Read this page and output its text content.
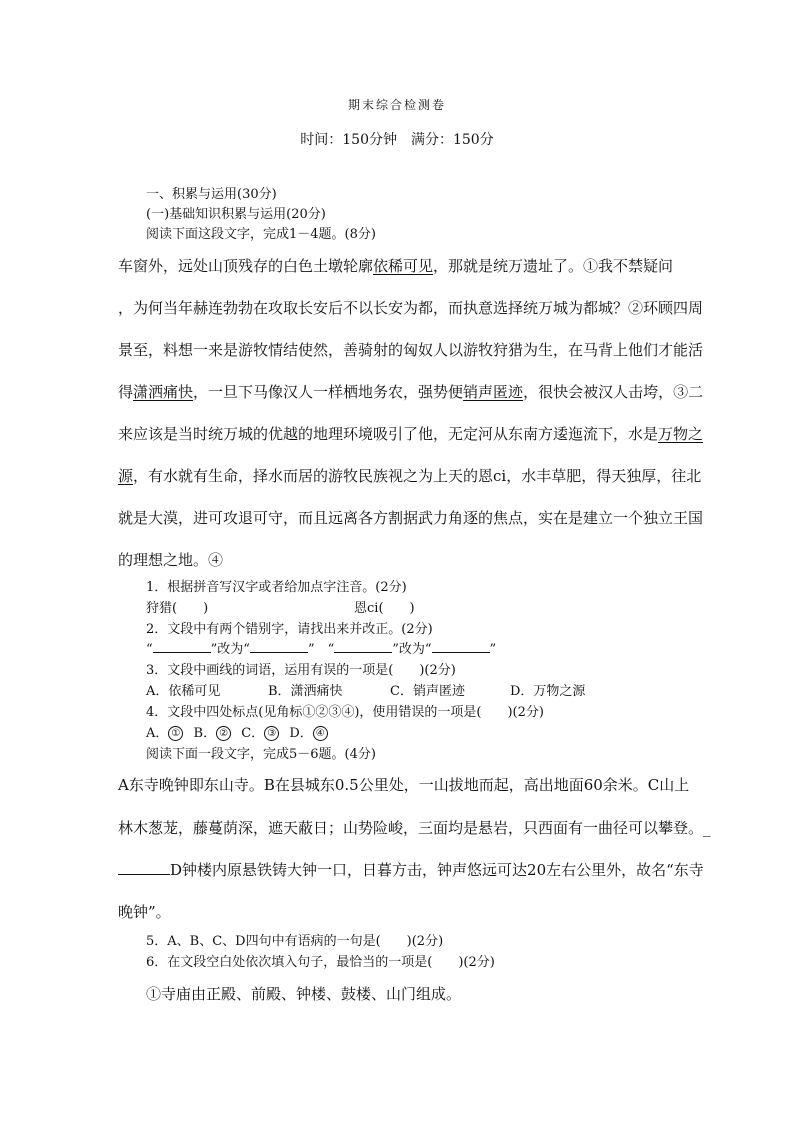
期末综合检测卷
时间：150分钟　满分：150分
一、积累与运用(30分)
(一)基础知识积累与运用(20分)
阅读下面这段文字，完成1－4题。(8分)
车窗外，远处山顶残存的白色土墩轮廓依稀可见，那就是统万遗址了。①我不禁疑问
，为何当年赫连勃勃在攻取长安后不以长安为都，而执意选择统万城为都城？②环顾四周
景至，料想一来是游牧情结使然，善骑射的匈奴人以游牧狩猎为生，在马背上他们才能活
得潇洒痛快，一旦下马像汉人一样栖地务农，强势便销声匿迹，很快会被汉人击垮，③二
来应该是当时统万城的优越的地理环境吸引了他，无定河从东南方逶迤流下，水是万物之
源，有水就有生命，择水而居的游牧民族视之为上天的恩ci，水丰草肥，得天独厚，往北
就是大漠，进可攻退可守，而且远离各方割据武力角逐的焦点，实在是建立一个独立王国
的理想之地。④
1．根据拼音写汉字或者给加点字注音。(2分)
狩猎(　　)	恩ci(　　)
2．文段中有两个错别字，请找出来并改正。(2分)
“	”改为“	”　“	”改为“	”
3．文段中画线的词语，运用有误的一项是(　　)(2分)
A．依稀可见	B．潇洒痛快	C．销声匿迹	D．万物之源
4．文段中四处标点(见角标①②③④)，使用错误的一项是(　　)(2分)
A． ① B． ② C． ③ D． ④
阅读下面一段文字，完成5－6题。(4分)
A东寺晚钟即东山寺。B在县城东0.5公里处，一山拔地而起，高出地面60余米。C山上
林木葱茏，藤蔓荫深，遮天蔽日；山势险峻，三面均是悬岩，只西面有一曲径可以攀登。_
D钟楼内原悬铁铸大钟一口，日暮方击，钟声悠远可达20左右公里外，故名“东寺
晚钟”。
5．A、B、C、D四句中有语病的一句是(　　)(2分)
6．在文段空白处依次填入句子，最恰当的一项是(　　)(2分)
①寺庙由正殿、前殿、钟楼、鼓楼、山门组成。
